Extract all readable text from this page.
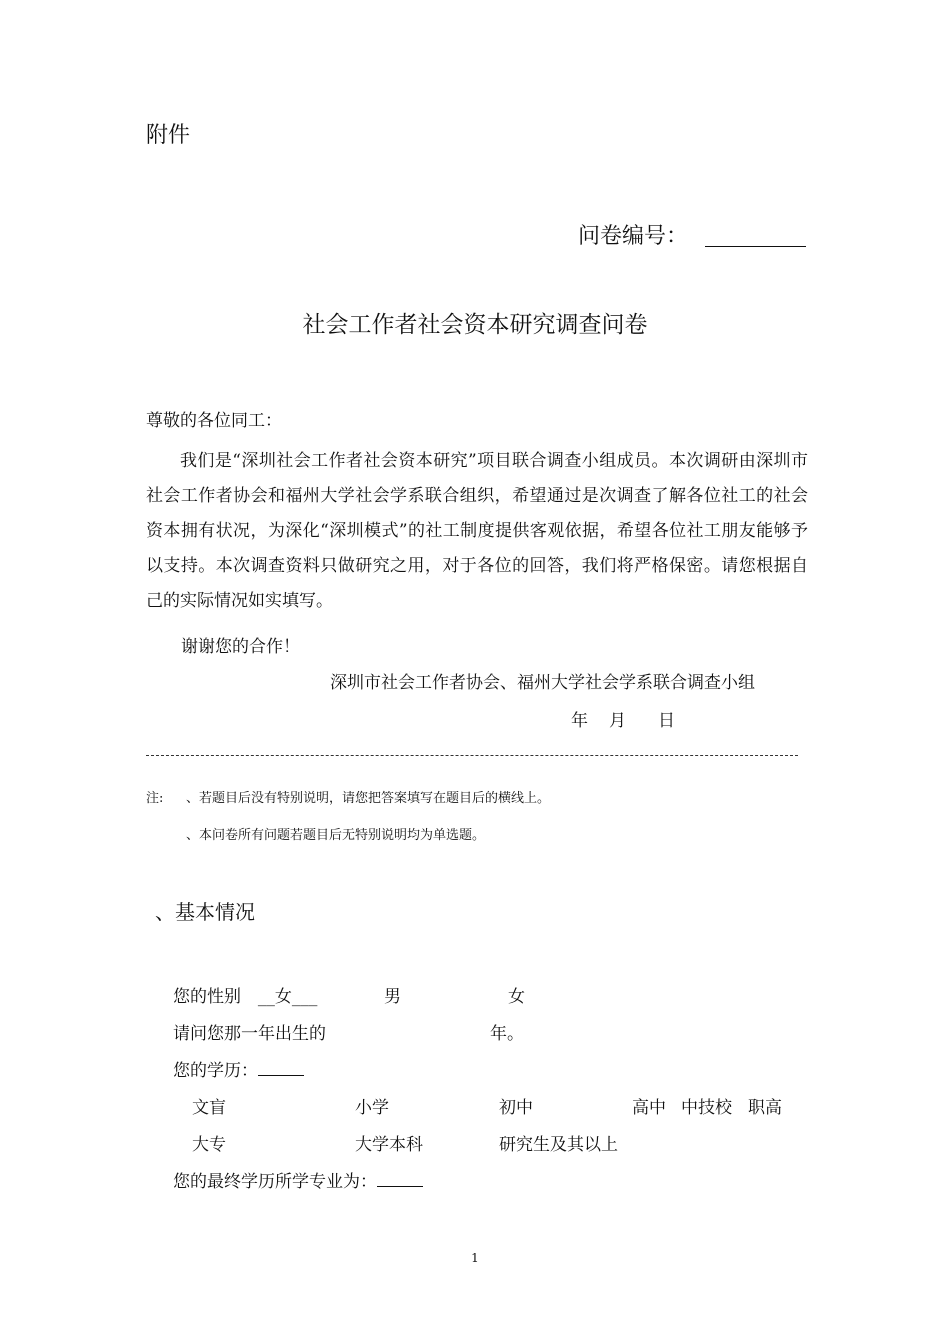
附件
问卷编号：
社会工作者社会资本研究调查问卷
尊敬的各位同工：

我们是“深圳社会工作者社会资本研究”项目联合调查小组成员。本次调研由深圳市社会工作者协会和福州大学社会学系联合组织，希望通过是次调查了解各位社工的社会资本拥有状况，为深化“深圳模式”的社工制度提供客观依据，希望各位社工朋友能够予以支持。本次调查资料只做研究之用，对于各位的回答，我们将严格保密。请您根据自己的实际情况如实填写。

谢谢您的合作！
深圳市社会工作者协会、福州大学社会学系联合调查小组
年 月 日
注: 、若题目后没有特别说明，请您把答案填写在题目后的横线上。
、本问卷所有问题若题目后无特别说明均为单选题。
、基本情况
您的性别 __女___	男	女
请问您那一年出生的	年。
您的学历：
文盲	小学	初中	高中 中技校 职高
大专	大学本科	研究生及其以上
您的最终学历所学专业为：
1
